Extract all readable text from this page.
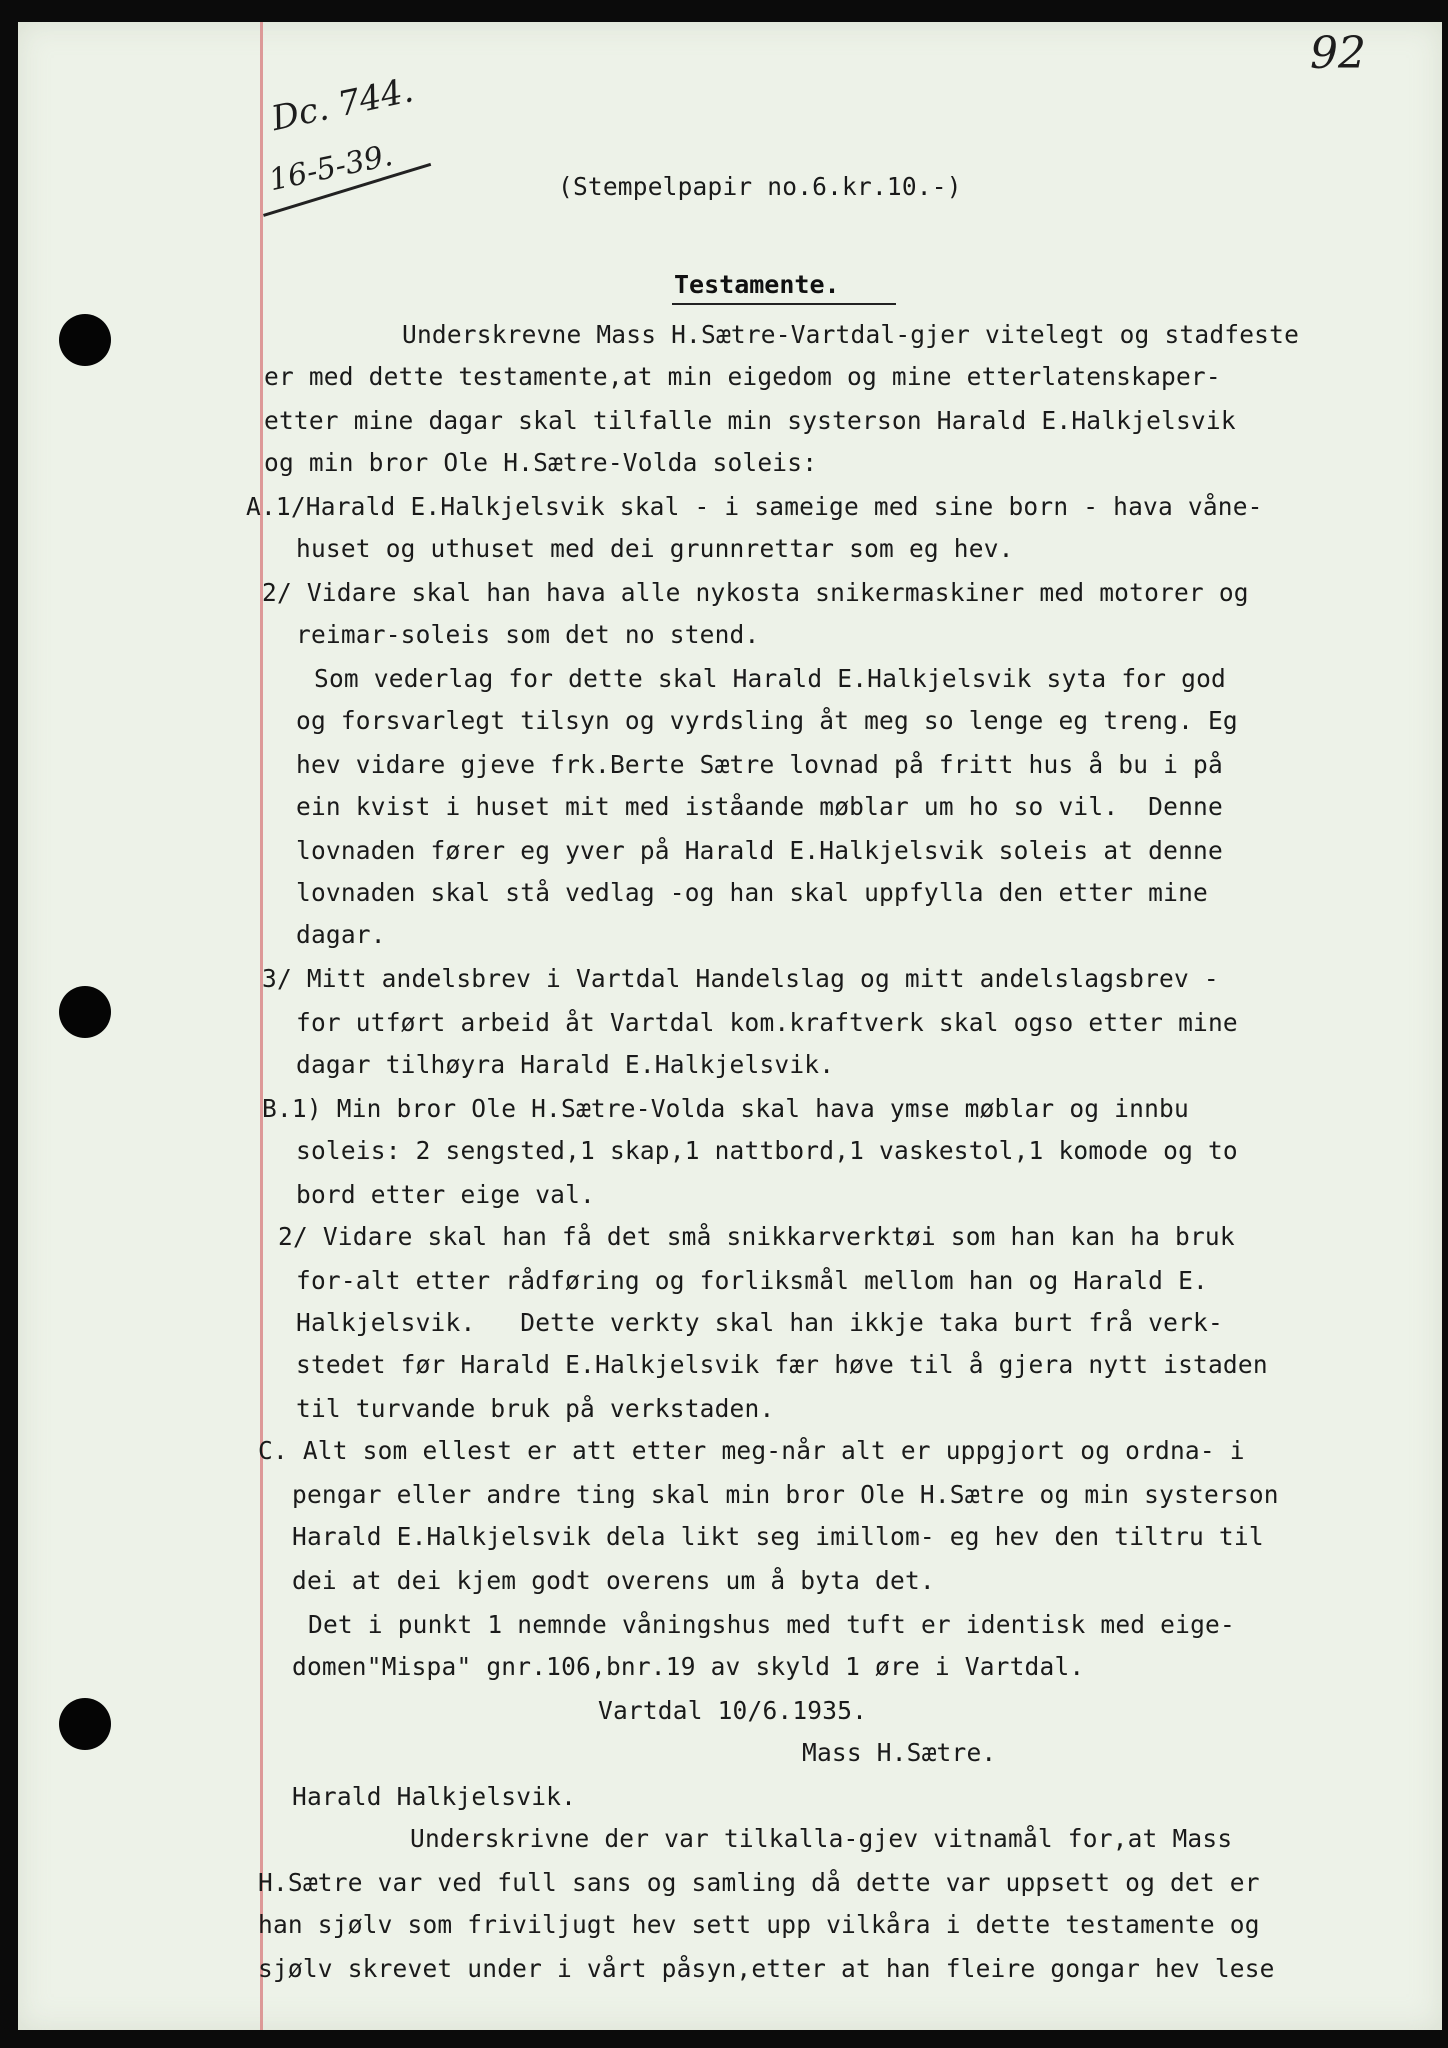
92
Dc. 744.
16-5-39.	(Stempelpapir no.6.kr.10.-)
Testamente.
Underskrevne Mass H.Sætre-Vartdal-gjer vitelegt og stadfeste
er med dette testamente,at min eigedom og mine etterlatenskaper-
etter mine dagar skal tilfalle min systerson Harald E.Halkjelsvik
og min bror Ole H.Sætre-Volda soleis:
A.1/Harald E.Halkjelsvik skal - i sameige med sine born - hava våne-
huset og uthuset med dei grunnrettar som eg hev.
2/ Vidare skal han hava alle nykosta snikermaskiner med motorer og
reimar-soleis som det no stend.
Som vederlag for dette skal Harald E.Halkjelsvik syta for god
og forsvarlegt tilsyn og vyrdsling åt meg so lenge eg treng. Eg
hev vidare gjeve frk.Berte Sætre lovnad på fritt hus å bu i på
ein kvist i huset mit med iståande møblar um ho so vil.  Denne
lovnaden fører eg yver på Harald E.Halkjelsvik soleis at denne
lovnaden skal stå vedlag -og han skal uppfylla den etter mine
dagar.
3/ Mitt andelsbrev i Vartdal Handelslag og mitt andelslagsbrev -
for utført arbeid åt Vartdal kom.kraftverk skal ogso etter mine
dagar tilhøyra Harald E.Halkjelsvik.
B.1) Min bror Ole H.Sætre-Volda skal hava ymse møblar og innbu
soleis: 2 sengsted,1 skap,1 nattbord,1 vaskestol,1 komode og to
bord etter eige val.
2/ Vidare skal han få det små snikkarverktøi som han kan ha bruk
for-alt etter rådføring og forliksmål mellom han og Harald E.
Halkjelsvik.   Dette verkty skal han ikkje taka burt frå verk-
stedet før Harald E.Halkjelsvik fær høve til å gjera nytt istaden
til turvande bruk på verkstaden.
C. Alt som ellest er att etter meg-når alt er uppgjort og ordna- i
pengar eller andre ting skal min bror Ole H.Sætre og min systerson
Harald E.Halkjelsvik dela likt seg imillom- eg hev den tiltru til
dei at dei kjem godt overens um å byta det.
Det i punkt 1 nemnde våningshus med tuft er identisk med eige-
domen"Mispa" gnr.106,bnr.19 av skyld 1 øre i Vartdal.
Vartdal 10/6.1935.
Mass H.Sætre.
Harald Halkjelsvik.
Underskrivne der var tilkalla-gjev vitnamål for,at Mass
H.Sætre var ved full sans og samling då dette var uppsett og det er
han sjølv som friviljugt hev sett upp vilkåra i dette testamente og
sjølv skrevet under i vårt påsyn,etter at han fleire gongar hev lese
